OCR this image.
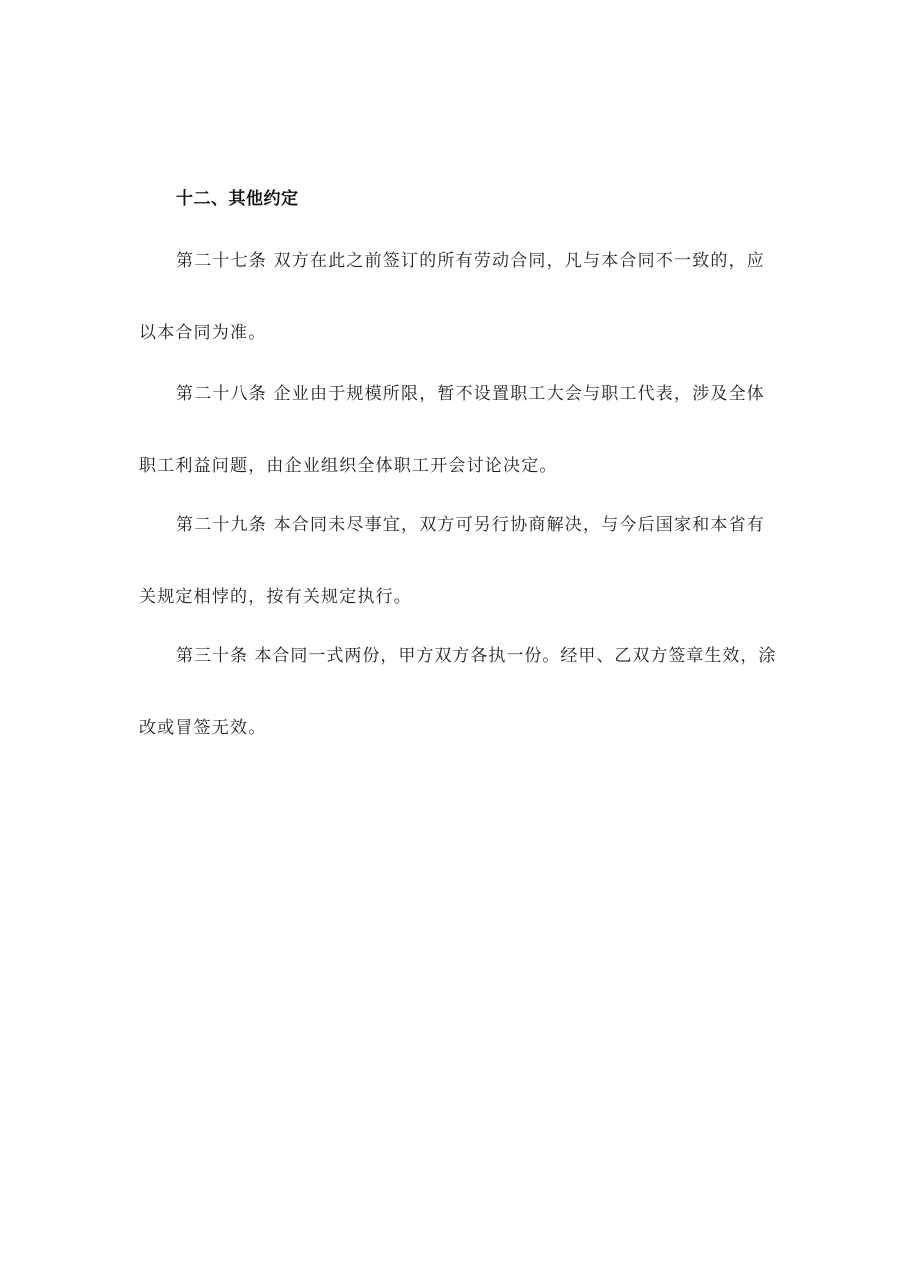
十二、其他约定
第二十七条 双方在此之前签订的所有劳动合同，凡与本合同不一致的，应
以本合同为准。
第二十八条 企业由于规模所限，暂不设置职工大会与职工代表，涉及全体
职工利益问题，由企业组织全体职工开会讨论决定。
第二十九条 本合同未尽事宜，双方可另行协商解决，与今后国家和本省有
关规定相悖的，按有关规定执行。
第三十条 本合同一式两份，甲方双方各执一份。经甲、乙双方签章生效，涂
改或冒签无效。
